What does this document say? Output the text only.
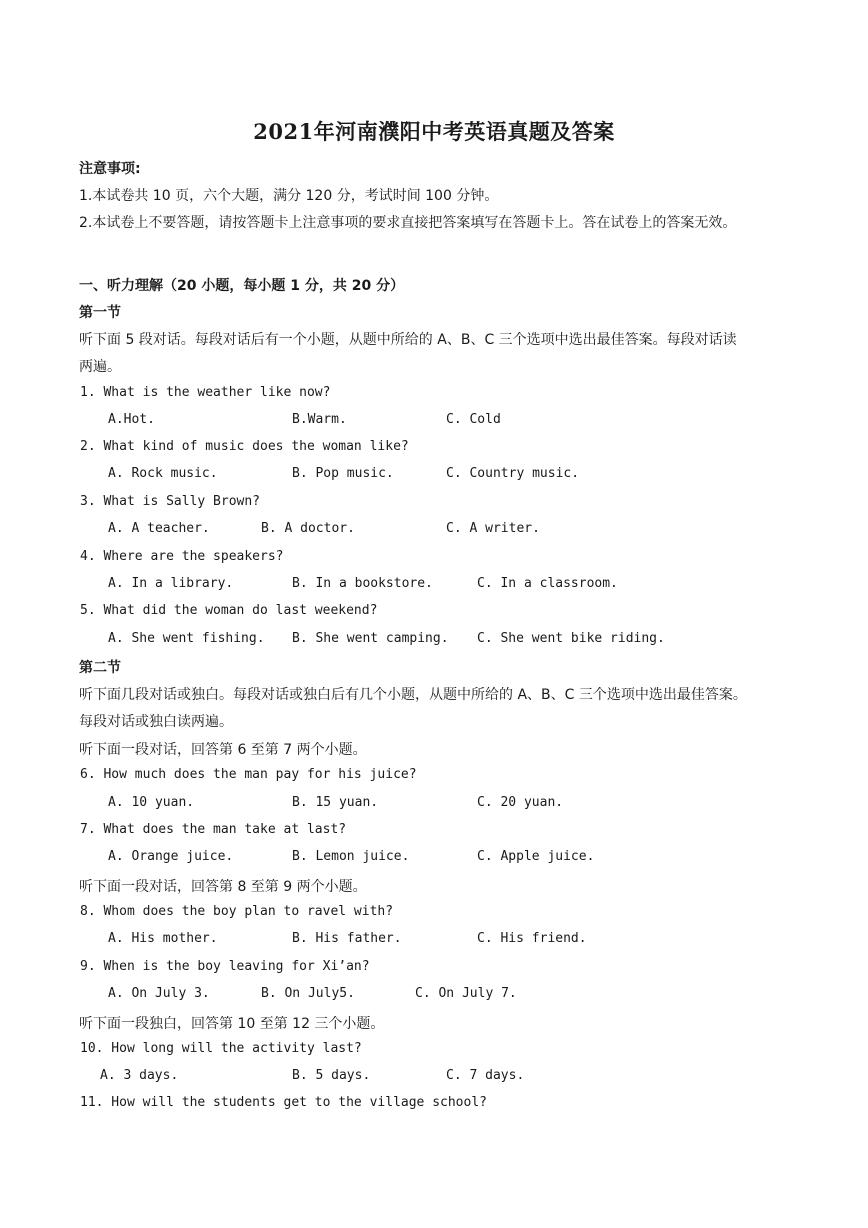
2021年河南濮阳中考英语真题及答案
注意事项:
1.本试卷共 10 页，六个大题，满分 120 分，考试时间 100 分钟。
2.本试卷上不要答题，请按答题卡上注意事项的要求直接把答案填写在答题卡上。答在试卷上的答案无效。
一、听力理解（20 小题，每小题 1 分，共 20 分）
第一节
听下面 5 段对话。每段对话后有一个小题，从题中所给的 A、B、C 三个选项中选出最佳答案。每段对话读
两遍。
1. What is the weather like now?
A.Hot.	B.Warm.	C. Cold
2. What kind of music does the woman like?
A. Rock music.	B. Pop music.	C. Country music.
3. What is Sally Brown?
A. A teacher.	B. A doctor.	C. A writer.
4. Where are the speakers?
A. In a library.	B. In a bookstore.	C. In a classroom.
5. What did the woman do last weekend?
A. She went fishing. B. She went camping. C. She went bike riding.
第二节
听下面几段对话或独白。每段对话或独白后有几个小题，从题中所给的 A、B、C 三个选项中选出最佳答案。
每段对话或独白读两遍。
听下面一段对话，回答第 6 至第 7 两个小题。
6. How much does the man pay for his juice?
A. 10 yuan.	B. 15 yuan.	C. 20 yuan.
7. What does the man take at last?
A. Orange juice.	B. Lemon juice.	C. Apple juice.
听下面一段对话，回答第 8 至第 9 两个小题。
8. Whom does the boy plan to ravel with?
A. His mother.	B. His father.	C. His friend.
9. When is the boy leaving for Xi’an?
A. On July 3.	B. On July5.	C. On July 7.
听下面一段独白，回答第 10 至第 12 三个小题。
10. How long will the activity last?
A. 3 days.	B. 5 days.	C. 7 days.
11. How will the students get to the village school?
